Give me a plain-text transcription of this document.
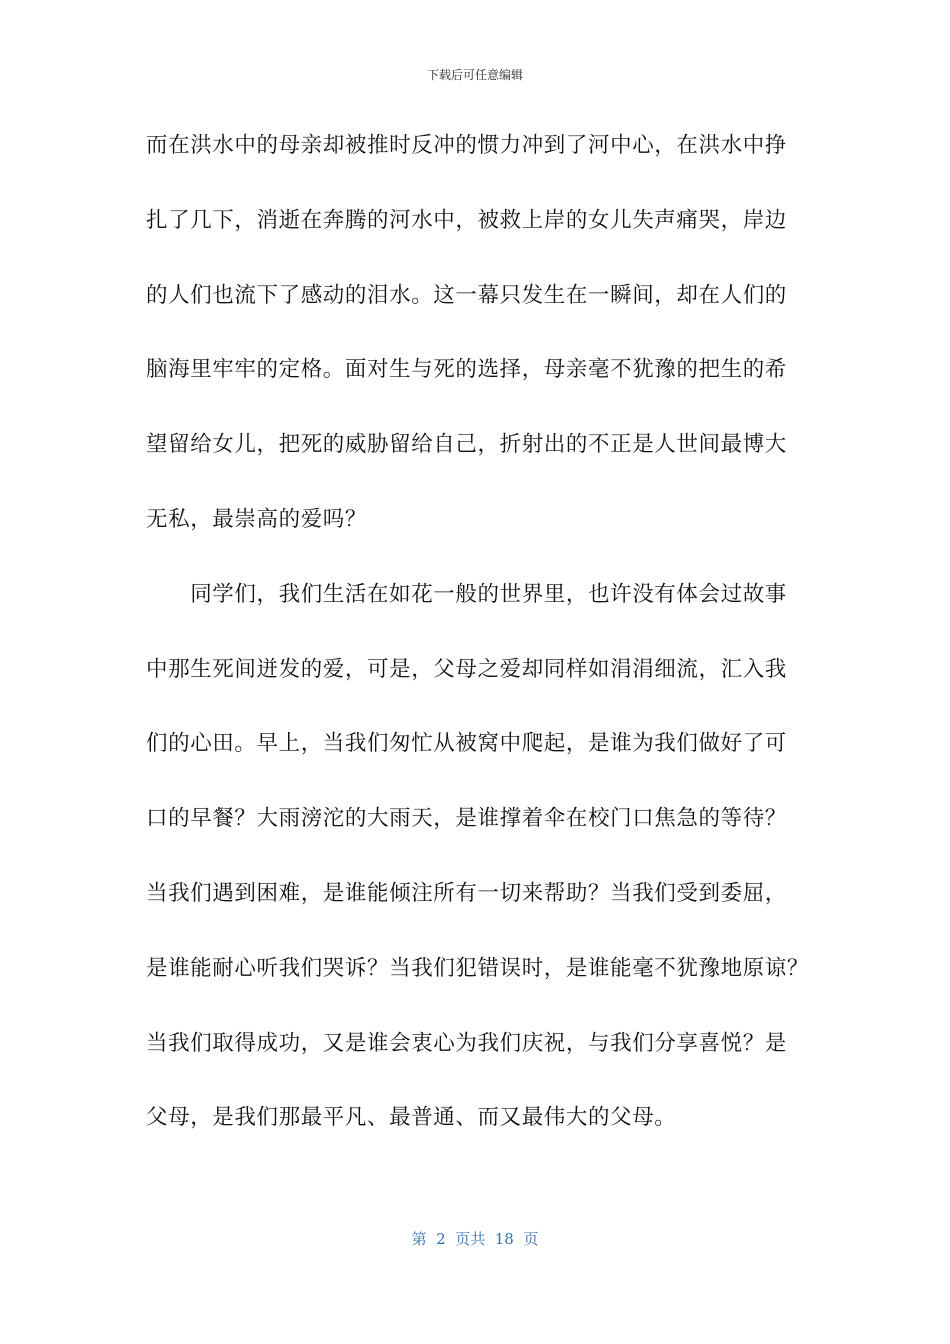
下载后可任意编辑
而在洪水中的母亲却被推时反冲的惯力冲到了河中心，在洪水中挣
扎了几下，消逝在奔腾的河水中，被救上岸的女儿失声痛哭，岸边
的人们也流下了感动的泪水。这一幕只发生在一瞬间，却在人们的
脑海里牢牢的定格。面对生与死的选择，母亲毫不犹豫的把生的希
望留给女儿，把死的威胁留给自己，折射出的不正是人世间最博大
无私，最崇高的爱吗？
　　同学们，我们生活在如花一般的世界里，也许没有体会过故事
中那生死间迸发的爱，可是，父母之爱却同样如涓涓细流，汇入我
们的心田。早上，当我们匆忙从被窝中爬起，是谁为我们做好了可
口的早餐？大雨滂沱的大雨天，是谁撑着伞在校门口焦急的等待？
当我们遇到困难，是谁能倾注所有一切来帮助？当我们受到委屈，
是谁能耐心听我们哭诉？当我们犯错误时，是谁能毫不犹豫地原谅？
当我们取得成功，又是谁会衷心为我们庆祝，与我们分享喜悦？是
父母，是我们那最平凡、最普通、而又最伟大的父母。
第  2  页共  18  页
